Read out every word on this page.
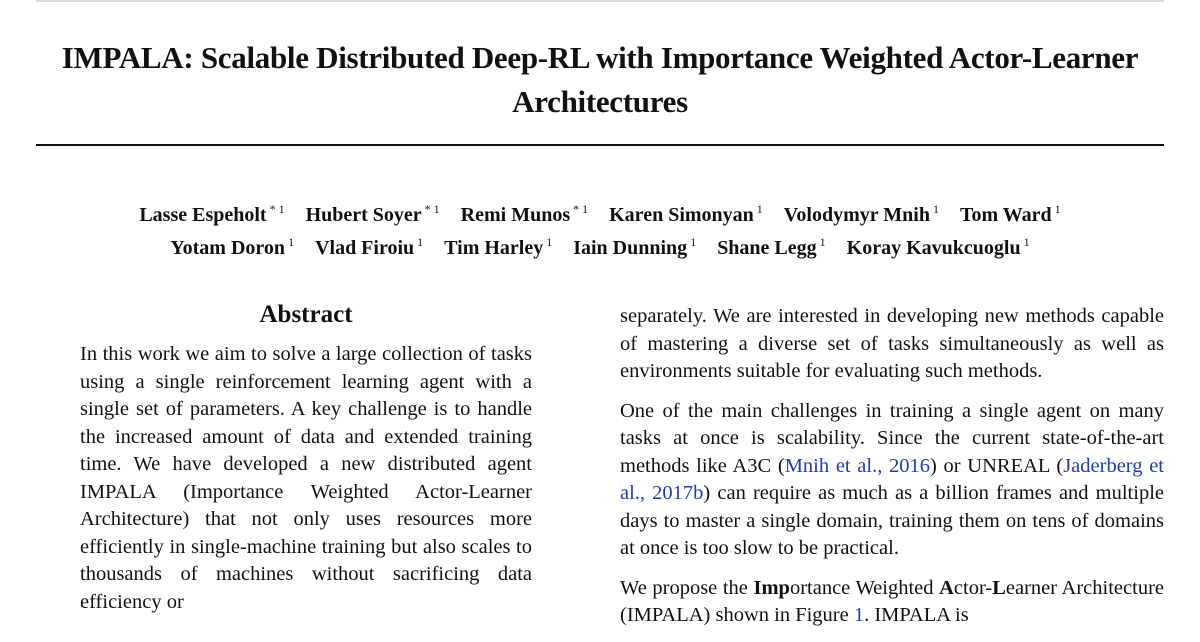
IMPALA: Scalable Distributed Deep-RL with Importance Weighted Actor-Learner Architectures
Lasse Espeholt $^{* 1}$ Hubert Soyer $^{* 1}$ Remi Munos $^{* 1}$ Karen Simonyan $^1$ Volodymyr Mnih $^1$ Tom Ward $^1$
Yotam Doron $^1$ Vlad Firoiu $^1$ Tim Harley $^1$ Iain Dunning $^1$ Shane Legg $^1$ Koray Kavukcuoglu $^1$
Abstract

In this work we aim to solve a large collection of tasks using a single reinforcement learning agent with a single set of parameters. A key challenge is to handle the increased amount of data and extended training time. We have developed a new distributed agent IMPALA (Importance Weighted Actor-Learner Architecture) that not only uses resources more efficiently in single-machine training but also scales to thousands of machines without sacrificing data efficiency or

separately. We are interested in developing new methods capable of mastering a diverse set of tasks simultaneously as well as environments suitable for evaluating such methods.

One of the main challenges in training a single agent on many tasks at once is scalability. Since the current state-of-the-art methods like A3C (Mnih et al., 2016) or UNREAL (Jaderberg et al., 2017b) can require as much as a billion frames and multiple days to master a single domain, training them on tens of domains at once is too slow to be practical.

We propose the Importance Weighted Actor-Learner Architecture (IMPALA) shown in Figure 1. IMPALA is
